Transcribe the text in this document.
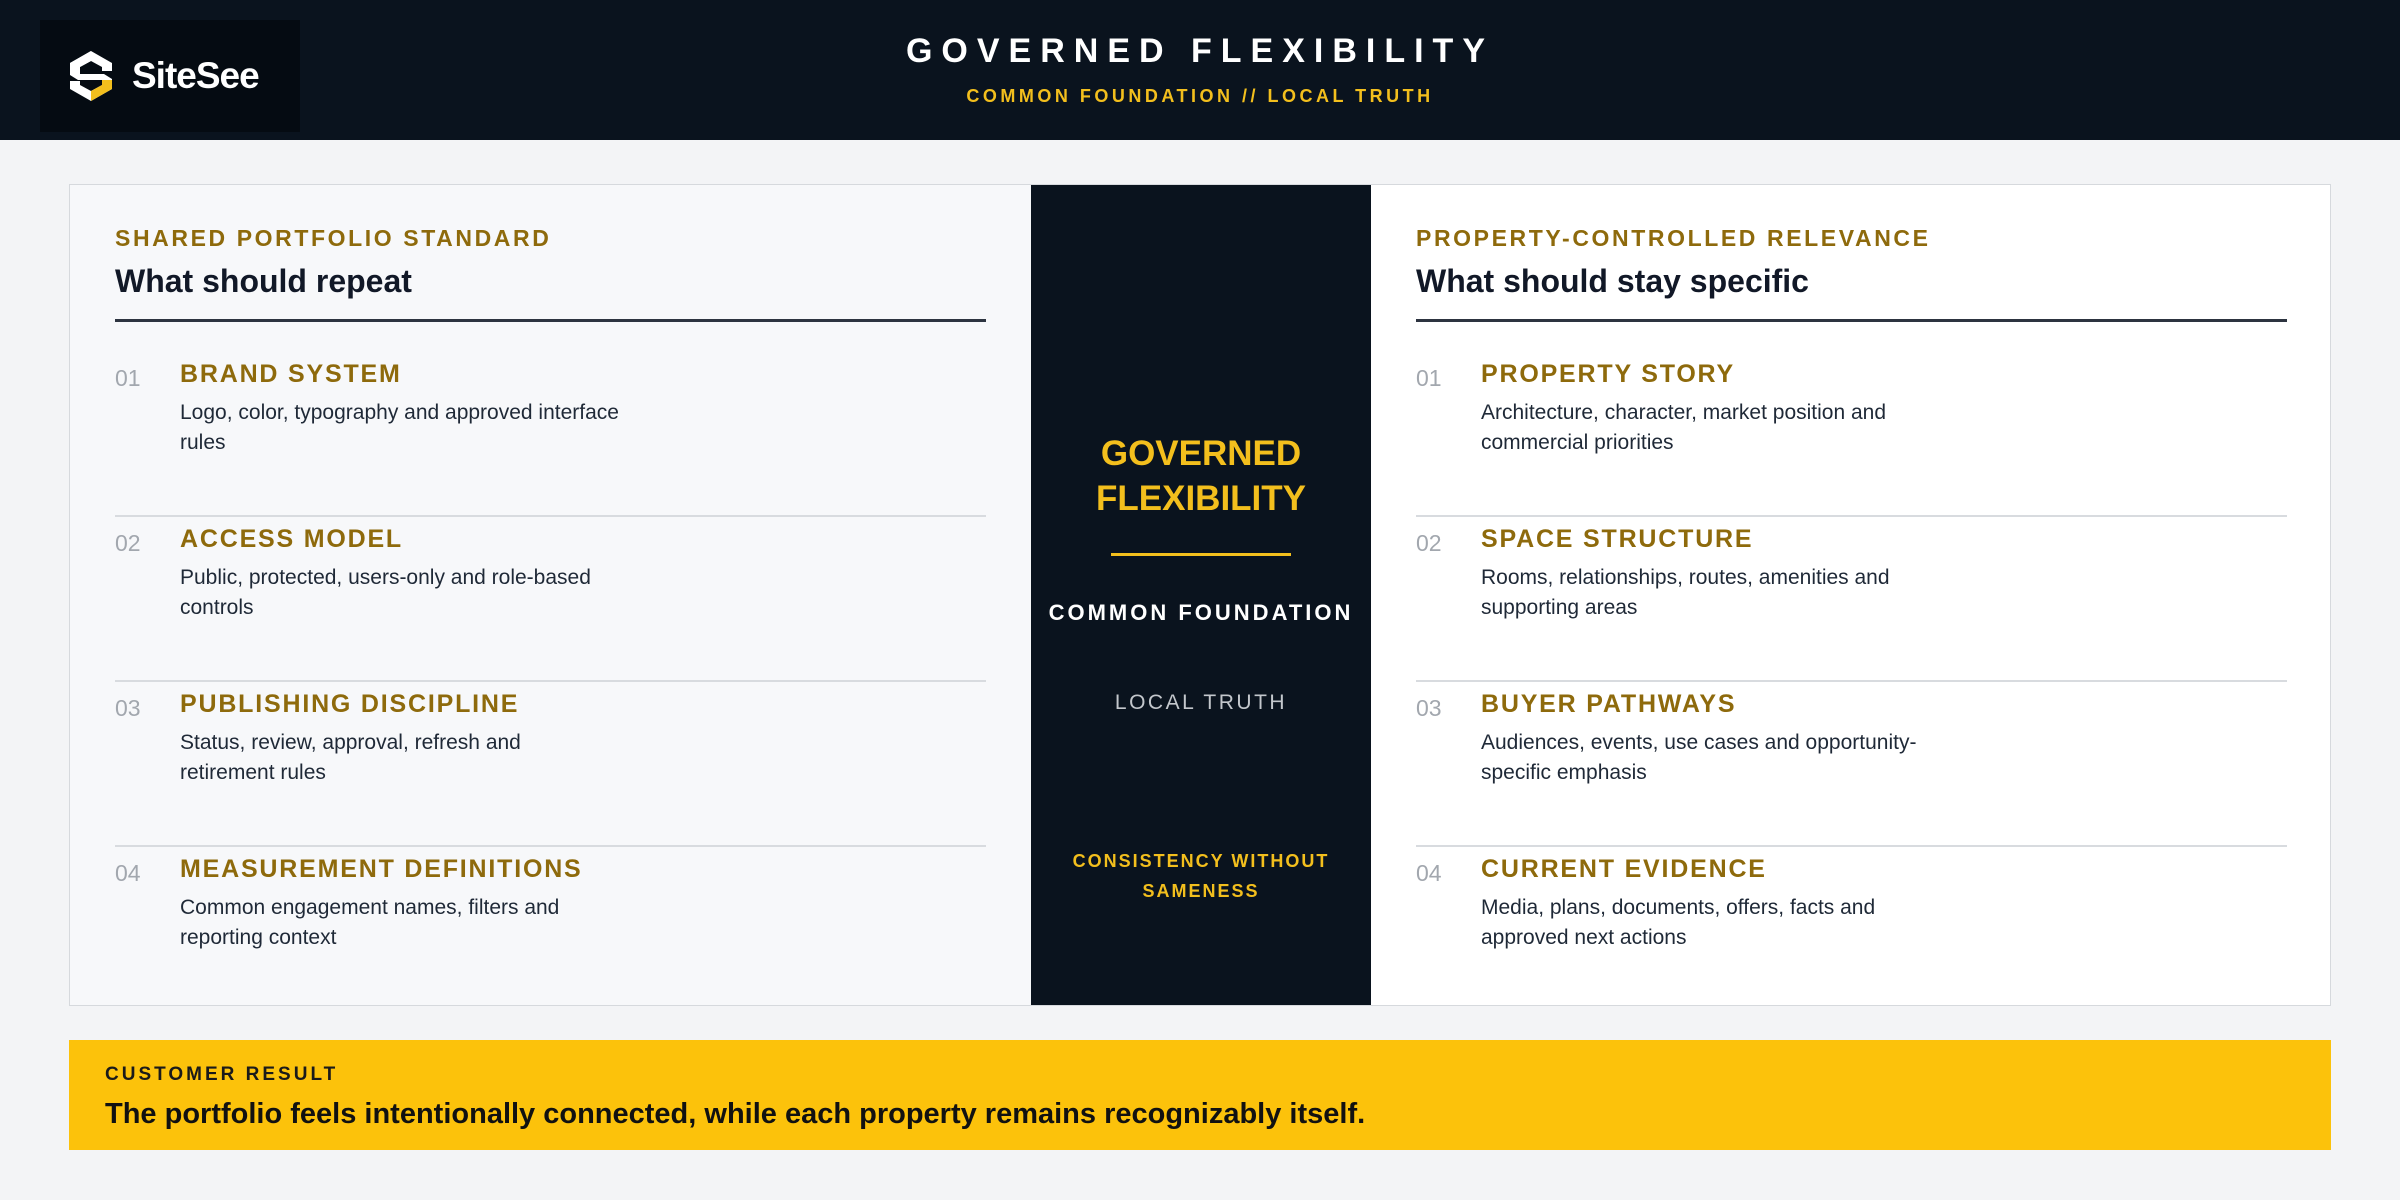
SiteSee
GOVERNED FLEXIBILITY
COMMON FOUNDATION // LOCAL TRUTH
SHARED PORTFOLIO STANDARD
What should repeat
01 BRAND SYSTEM
Logo, color, typography and approved interface rules
02 ACCESS MODEL
Public, protected, users-only and role-based controls
03 PUBLISHING DISCIPLINE
Status, review, approval, refresh and retirement rules
04 MEASUREMENT DEFINITIONS
Common engagement names, filters and reporting context
GOVERNED FLEXIBILITY
COMMON FOUNDATION
LOCAL TRUTH
CONSISTENCY WITHOUT SAMENESS
PROPERTY-CONTROLLED RELEVANCE
What should stay specific
01 PROPERTY STORY
Architecture, character, market position and commercial priorities
02 SPACE STRUCTURE
Rooms, relationships, routes, amenities and supporting areas
03 BUYER PATHWAYS
Audiences, events, use cases and opportunity-specific emphasis
04 CURRENT EVIDENCE
Media, plans, documents, offers, facts and approved next actions
CUSTOMER RESULT
The portfolio feels intentionally connected, while each property remains recognizably itself.
